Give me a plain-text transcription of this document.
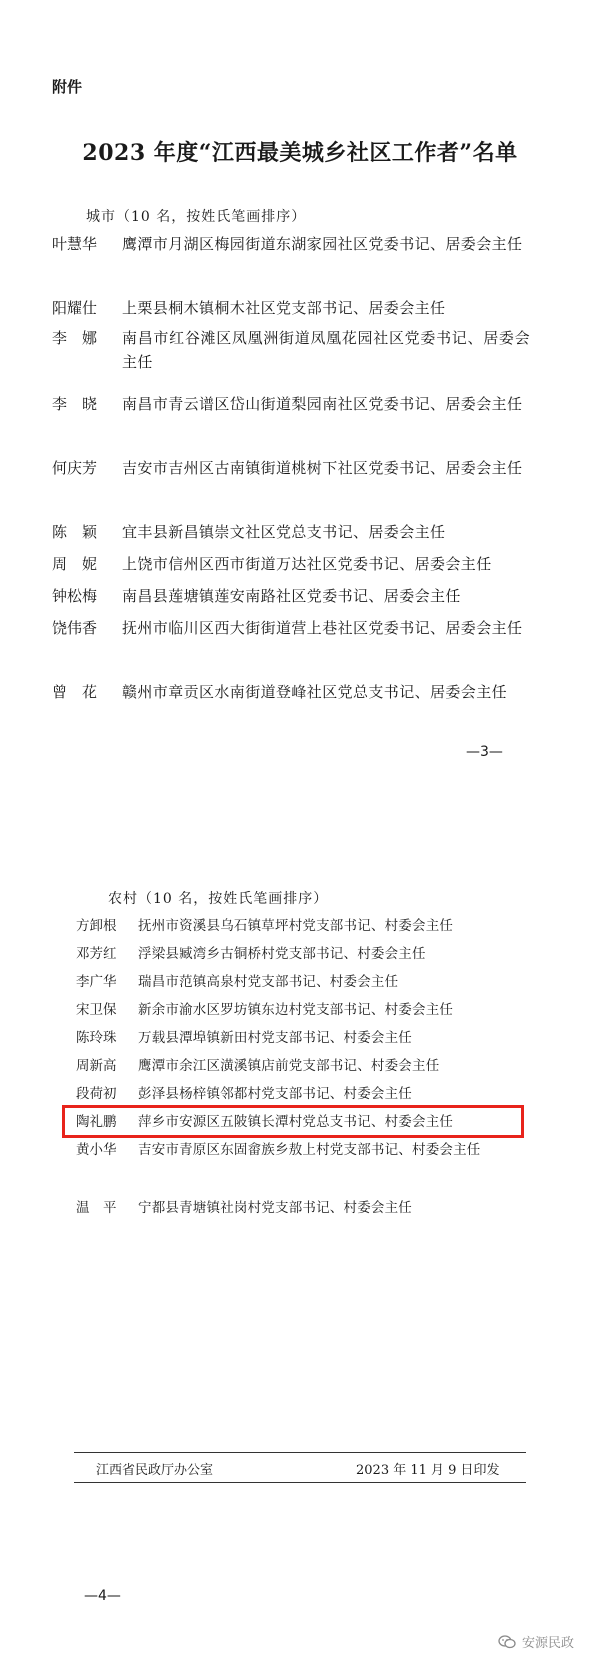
附件
2023 年度“江西最美城乡社区工作者”名单
城市（10 名，按姓氏笔画排序）
叶慧华	鹰潭市月湖区梅园街道东湖家园社区党委书记、居委会主任
阳耀仕	上栗县桐木镇桐木社区党支部书记、居委会主任
李　娜	南昌市红谷滩区凤凰洲街道凤凰花园社区党委书记、居委会主任
李　晓	南昌市青云谱区岱山街道梨园南社区党委书记、居委会主任
何庆芳	吉安市吉州区古南镇街道桃树下社区党委书记、居委会主任
陈　颖	宜丰县新昌镇崇文社区党总支书记、居委会主任
周　妮	上饶市信州区西市街道万达社区党委书记、居委会主任
钟松梅	南昌县莲塘镇莲安南路社区党委书记、居委会主任
饶伟香	抚州市临川区西大街街道营上巷社区党委书记、居委会主任
曾　花	赣州市章贡区水南街道登峰社区党总支书记、居委会主任
—3—
农村（10 名，按姓氏笔画排序）
方卸根	抚州市资溪县乌石镇草坪村党支部书记、村委会主任
邓芳红	浮梁县臧湾乡古铜桥村党支部书记、村委会主任
李广华	瑞昌市范镇高泉村党支部书记、村委会主任
宋卫保	新余市渝水区罗坊镇东边村党支部书记、村委会主任
陈玲珠	万载县潭埠镇新田村党支部书记、村委会主任
周新高	鹰潭市余江区潢溪镇店前党支部书记、村委会主任
段荷初	彭泽县杨梓镇邻都村党支部书记、村委会主任
陶礼鹏	萍乡市安源区五陂镇长潭村党总支书记、村委会主任
黄小华	吉安市青原区东固畲族乡敖上村党支部书记、村委会主任
温　平	宁都县青塘镇社岗村党支部书记、村委会主任
江西省民政厅办公室	2023 年 11 月 9 日印发
—4—
安源民政
